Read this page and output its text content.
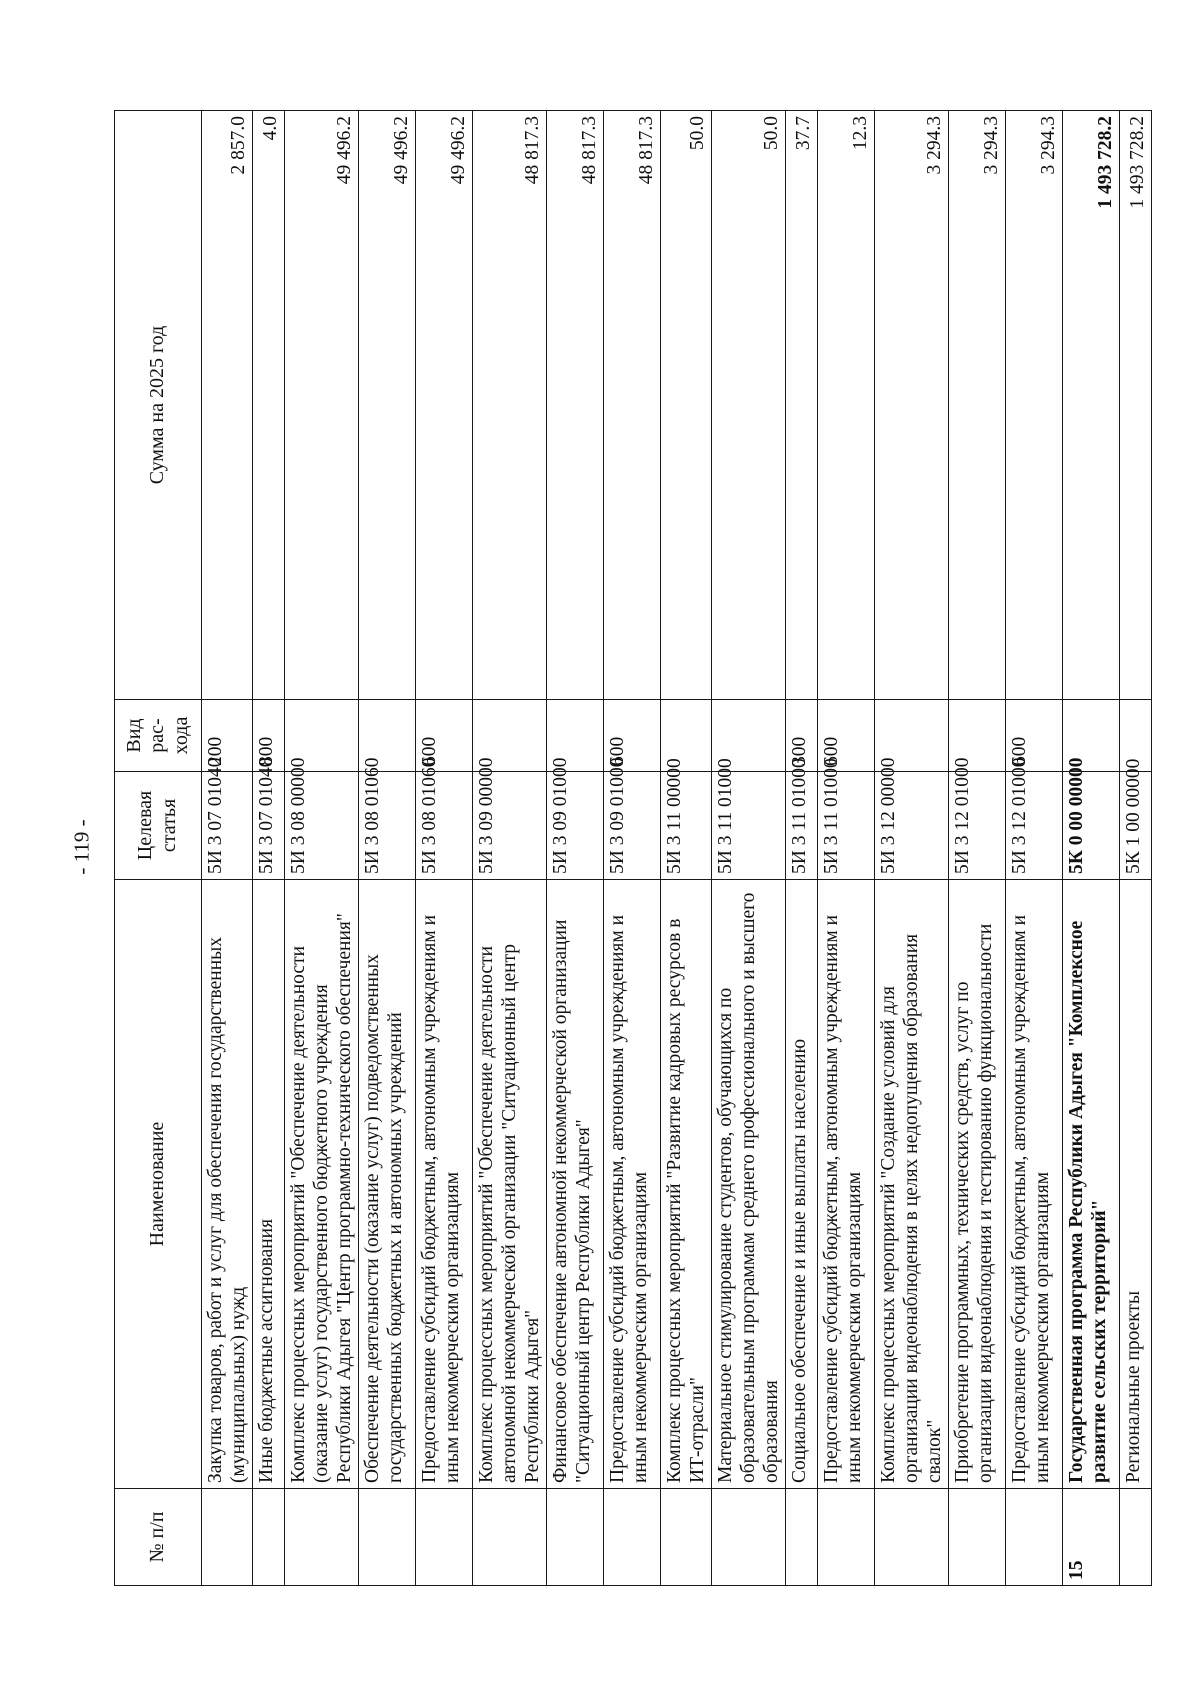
- 119 -
№ п/п	Наименование	Целевая статья	Вид рас- хода	Сумма на 2025 год
	Закупка товаров, работ и услуг для обеспечения государственных (муниципальных) нужд	5И 3 07 01040	200	2 857.0
	Иные бюджетные ассигнования	5И 3 07 01040	800	4.0
	Комплекс процессных мероприятий "Обеспечение деятельности (оказание услуг) государственного бюджетного учреждения Республики Адыгея "Центр программно-технического обеспечения"	5И 3 08 00000		49 496.2
	Обеспечение деятельности (оказание услуг) подведомственных государственных бюджетных и автономных учреждений	5И 3 08 01060		49 496.2
	Предоставление субсидий бюджетным, автономным учреждениям и иным некоммерческим организациям	5И 3 08 01060	600	49 496.2
	Комплекс процессных мероприятий "Обеспечение деятельности автономной некоммерческой организации "Ситуационный центр Республики Адыгея"	5И 3 09 00000		48 817.3
	Финансовое обеспечение автономной некоммерческой организации "Ситуационный центр Республики Адыгея"	5И 3 09 01000		48 817.3
	Предоставление субсидий бюджетным, автономным учреждениям и иным некоммерческим организациям	5И 3 09 01000	600	48 817.3
	Комплекс процессных мероприятий "Развитие кадровых ресурсов в ИТ-отрасли"	5И 3 11 00000		50.0
	Материальное стимулирование студентов, обучающихся по образовательным программам среднего профессионального и высшего образования	5И 3 11 01000		50.0
	Социальное обеспечение и иные выплаты населению	5И 3 11 01000	300	37.7
	Предоставление субсидий бюджетным, автономным учреждениям и иным некоммерческим организациям	5И 3 11 01000	600	12.3
	Комплекс процессных мероприятий "Создание условий для организации видеонаблюдения в целях недопущения образования свалок"	5И 3 12 00000		3 294.3
	Приобретение программных, технических средств, услуг по организации видеонаблюдения и тестированию функциональности	5И 3 12 01000		3 294.3
	Предоставление субсидий бюджетным, автономным учреждениям и иным некоммерческим организациям	5И 3 12 01000	600	3 294.3
15	Государственная программа Республики Адыгея "Комплексное развитие сельских территорий"	5К 0 00 00000		1 493 728.2
	Региональные проекты	5К 1 00 00000		1 493 728.2
